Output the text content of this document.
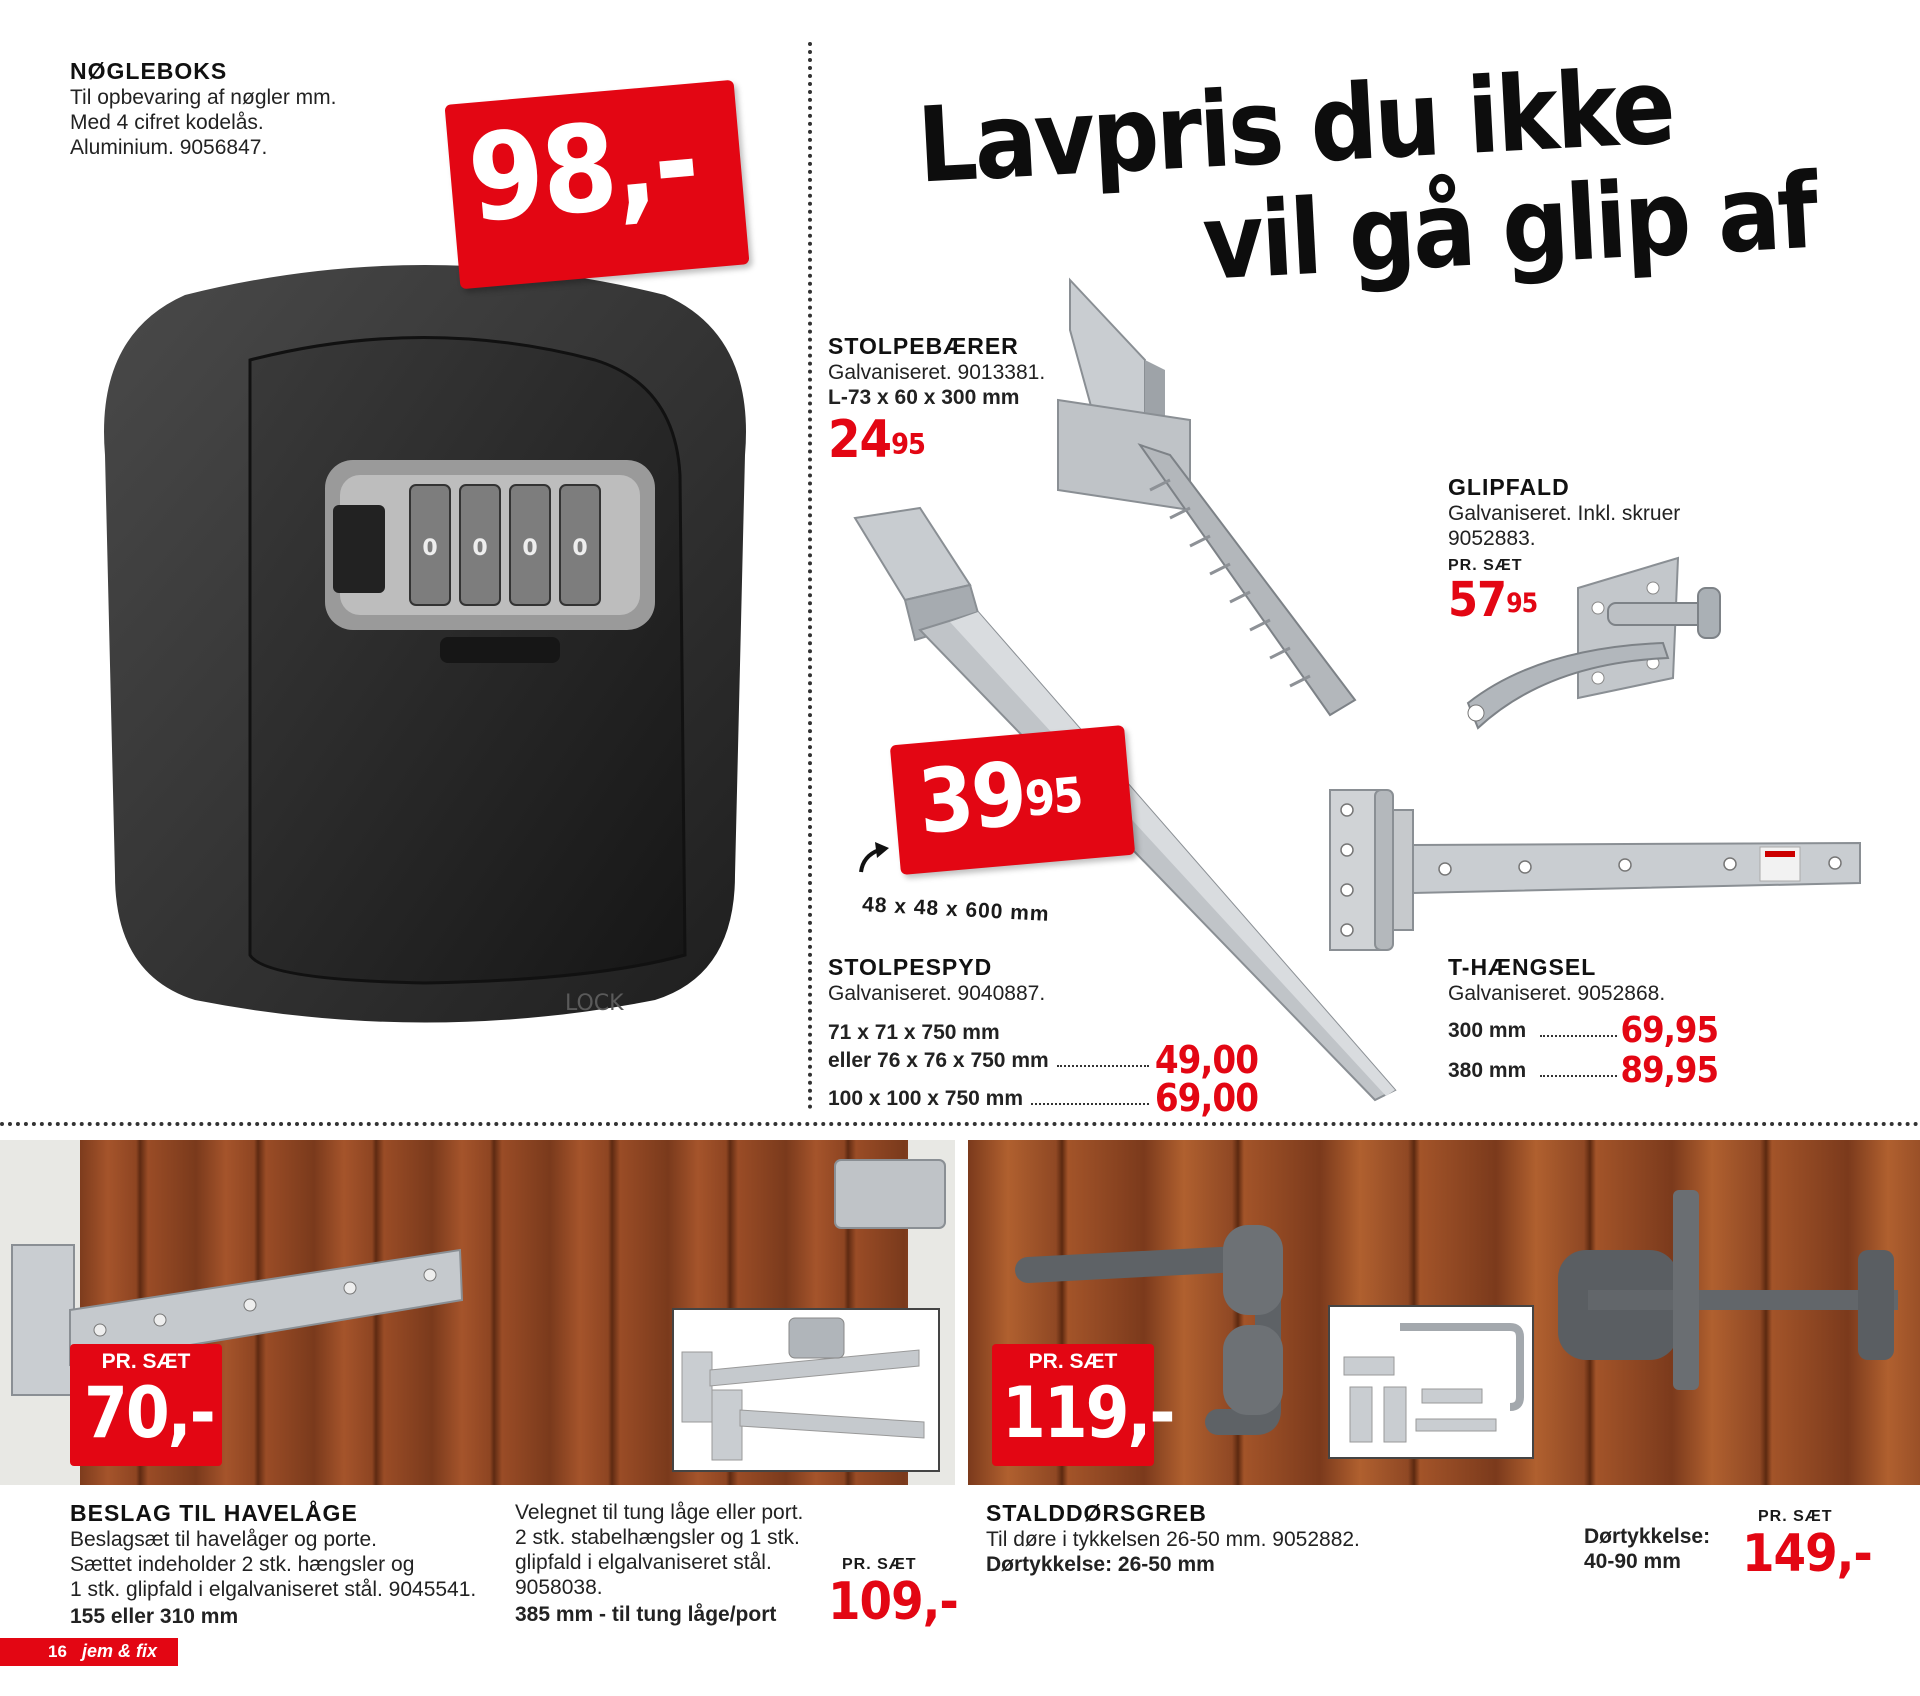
NØGLEBOKS
Til opbevaring af nøgler mm.
Med 4 cifret kodelås.
Aluminium. 9056847.
0 0 0 0
LOCK
98,- Lavpris du ikke
vil gå glip af
STOLPEBÆRER
Galvaniseret. 9013381.
L-73 x 60 x 300 mm
$24^{95}$
GLIPFALD
Galvaniseret. Inkl. skruer
9052883.
PR. SÆT
$57^{95}$
$39^{95}$
48 x 48 x 600 mm
STOLPESPYD
Galvaniseret. 9040887.
71 x 71 x 750 mm
eller 76 x 76 x 750 mm	49,00
100 x 100 x 750 mm	69,00
T-HÆNGSEL
Galvaniseret. 9052868.
300 mm	69,95
380 mm	89,95
PR. SÆT
70,-
BESLAG TIL HAVELÅGE
Beslagsæt til havelåger og porte.
Sættet indeholder 2 stk. hængsler og
1 stk. glipfald i elgalvaniseret stål. 9045541.
155 eller 310 mm
Velegnet til tung låge eller port.
2 stk. stabelhængsler og 1 stk.
glipfald i elgalvaniseret stål.
9058038.
385 mm - til tung låge/port
PR. SÆT
109,-
PR. SÆT
119,-
STALDDØRSGREB
Til døre i tykkelsen 26-50 mm. 9052882.
Dørtykkelse: 26-50 mm
Dørtykkelse:
40-90 mm
PR. SÆT
149,-
16 jem & fix
